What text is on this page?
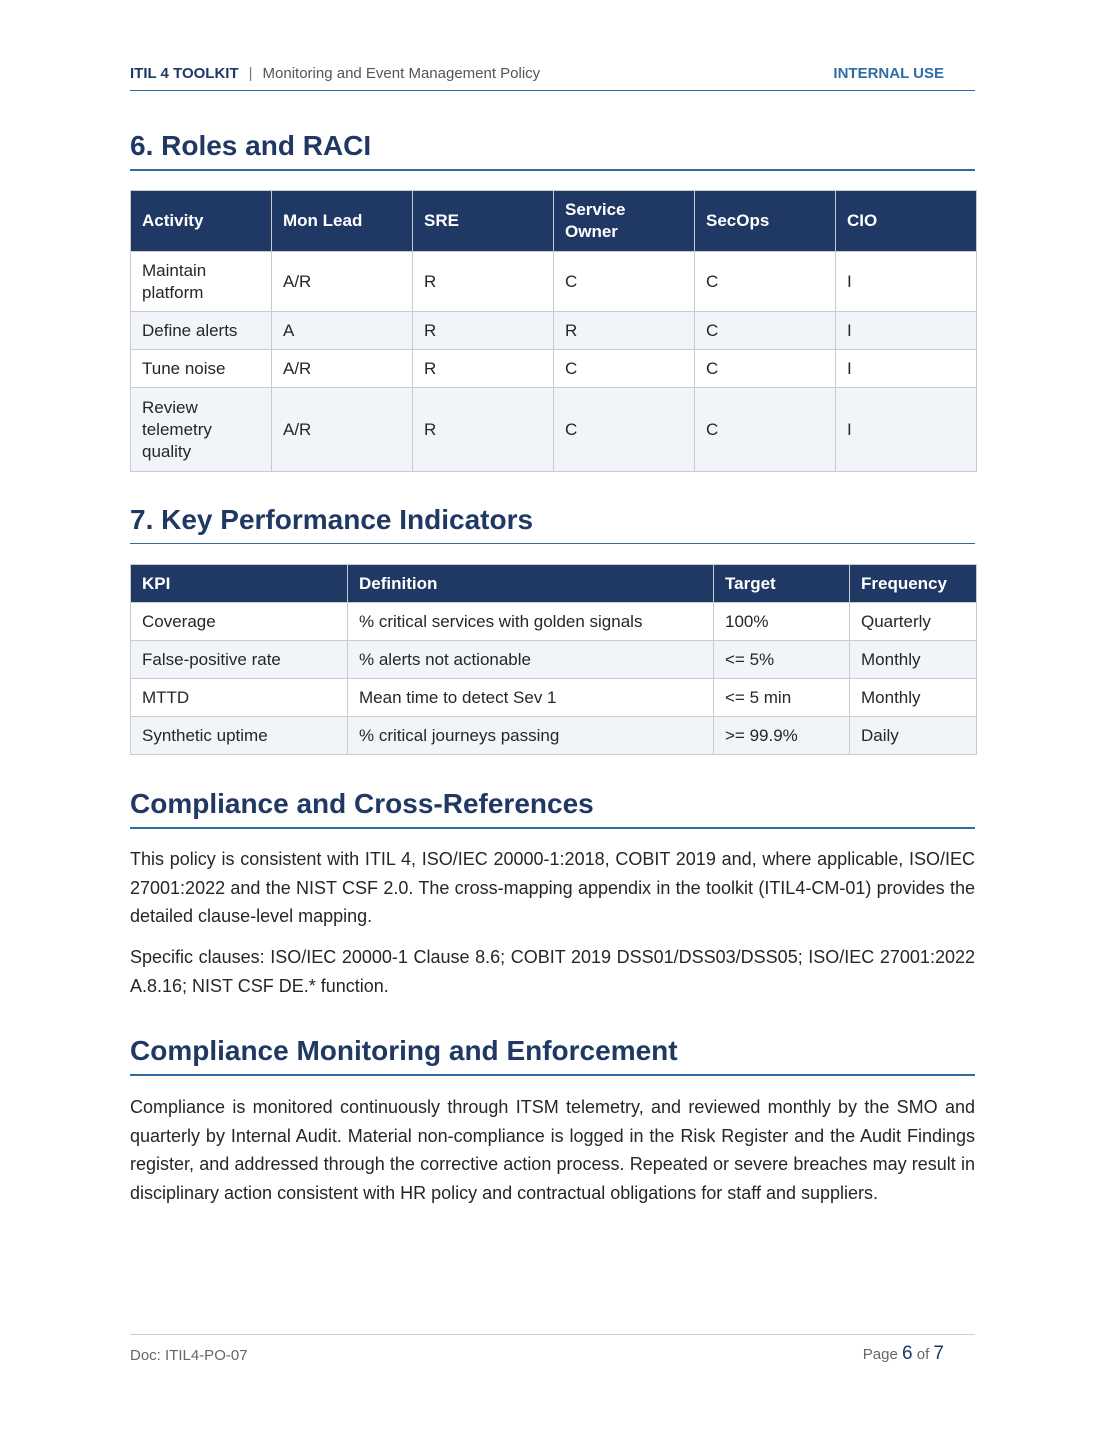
ITIL 4 TOOLKIT | Monitoring and Event Management Policy	INTERNAL USE
6. Roles and RACI
Activity	Mon Lead	SRE	Service Owner	SecOps	CIO
Maintain platform	A/R	R	C	C	I
Define alerts	A	R	R	C	I
Tune noise	A/R	R	C	C	I
Review telemetry quality	A/R	R	C	C	I
7. Key Performance Indicators
KPI	Definition	Target	Frequency
Coverage	% critical services with golden signals	100%	Quarterly
False-positive rate	% alerts not actionable	<= 5%	Monthly
MTTD	Mean time to detect Sev 1	<= 5 min	Monthly
Synthetic uptime	% critical journeys passing	>= 99.9%	Daily
Compliance and Cross-References

This policy is consistent with ITIL 4, ISO/IEC 20000-1:2018, COBIT 2019 and, where applicable, ISO/IEC 27001:2022 and the NIST CSF 2.0. The cross-mapping appendix in the toolkit (ITIL4-CM-01) provides the detailed clause-level mapping.

Specific clauses: ISO/IEC 20000-1 Clause 8.6; COBIT 2019 DSS01/DSS03/DSS05; ISO/IEC 27001:2022 A.8.16; NIST CSF DE.* function.

Compliance Monitoring and Enforcement

Compliance is monitored continuously through ITSM telemetry, and reviewed monthly by the SMO and quarterly by Internal Audit. Material non-compliance is logged in the Risk Register and the Audit Findings register, and addressed through the corrective action process. Repeated or severe breaches may result in disciplinary action consistent with HR policy and contractual obligations for staff and suppliers.

Doc: ITIL4-PO-07	Page 6 of 7
